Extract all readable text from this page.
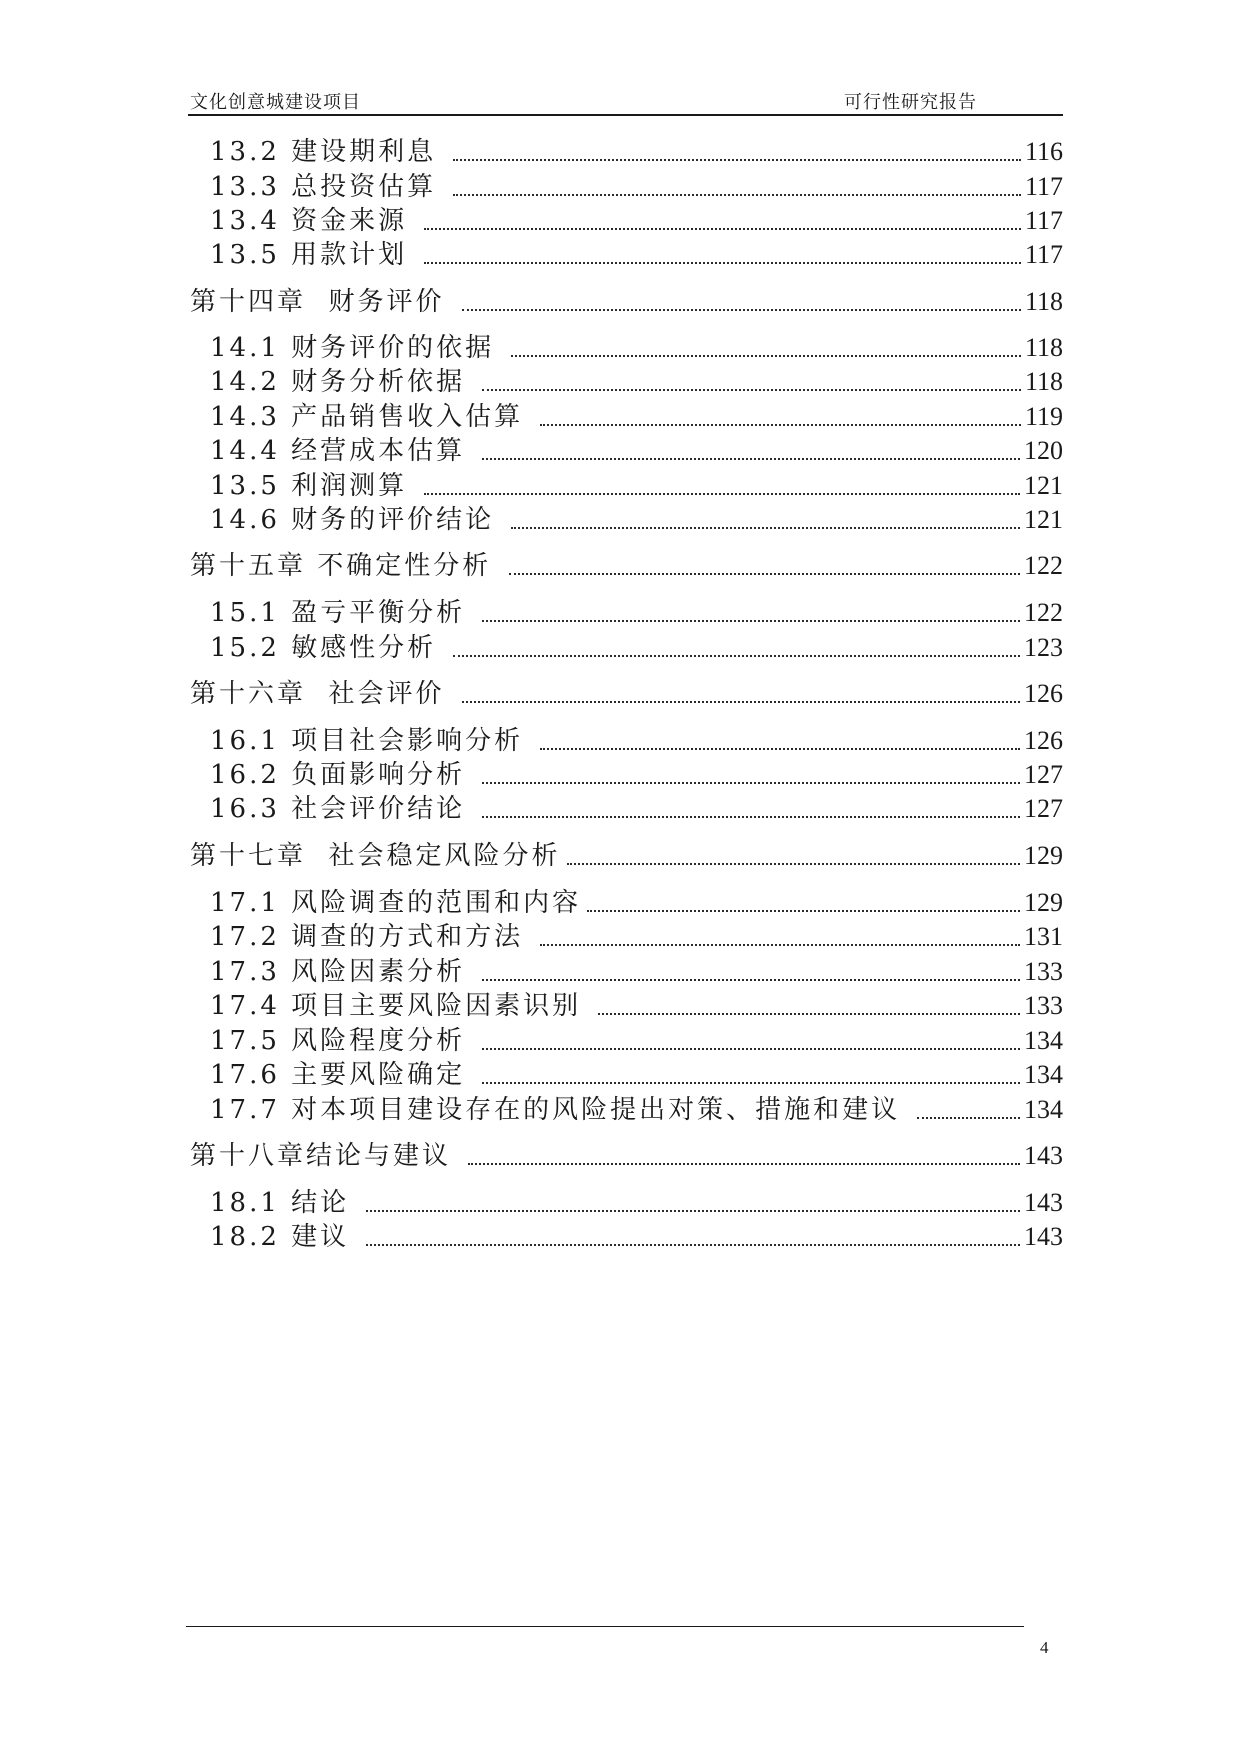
文化创意城建设项目	可行性研究报告
13.2 建设期利息	116
13.3 总投资估算	117
13.4 资金来源	117
13.5 用款计划	117
第十四章  财务评价	118
14.1 财务评价的依据	118
14.2 财务分析依据	118
14.3 产品销售收入估算	119
14.4 经营成本估算	120
13.5 利润测算	121
14.6 财务的评价结论	121
第十五章 不确定性分析	122
15.1 盈亏平衡分析	122
15.2 敏感性分析	123
第十六章  社会评价	126
16.1 项目社会影响分析	126
16.2 负面影响分析	127
16.3 社会评价结论	127
第十七章  社会稳定风险分析	129
17.1 风险调查的范围和内容	129
17.2 调查的方式和方法	131
17.3 风险因素分析	133
17.4 项目主要风险因素识别	133
17.5 风险程度分析	134
17.6 主要风险确定	134
17.7 对本项目建设存在的风险提出对策、措施和建议	134
第十八章结论与建议	143
18.1 结论	143
18.2 建议	143
4
